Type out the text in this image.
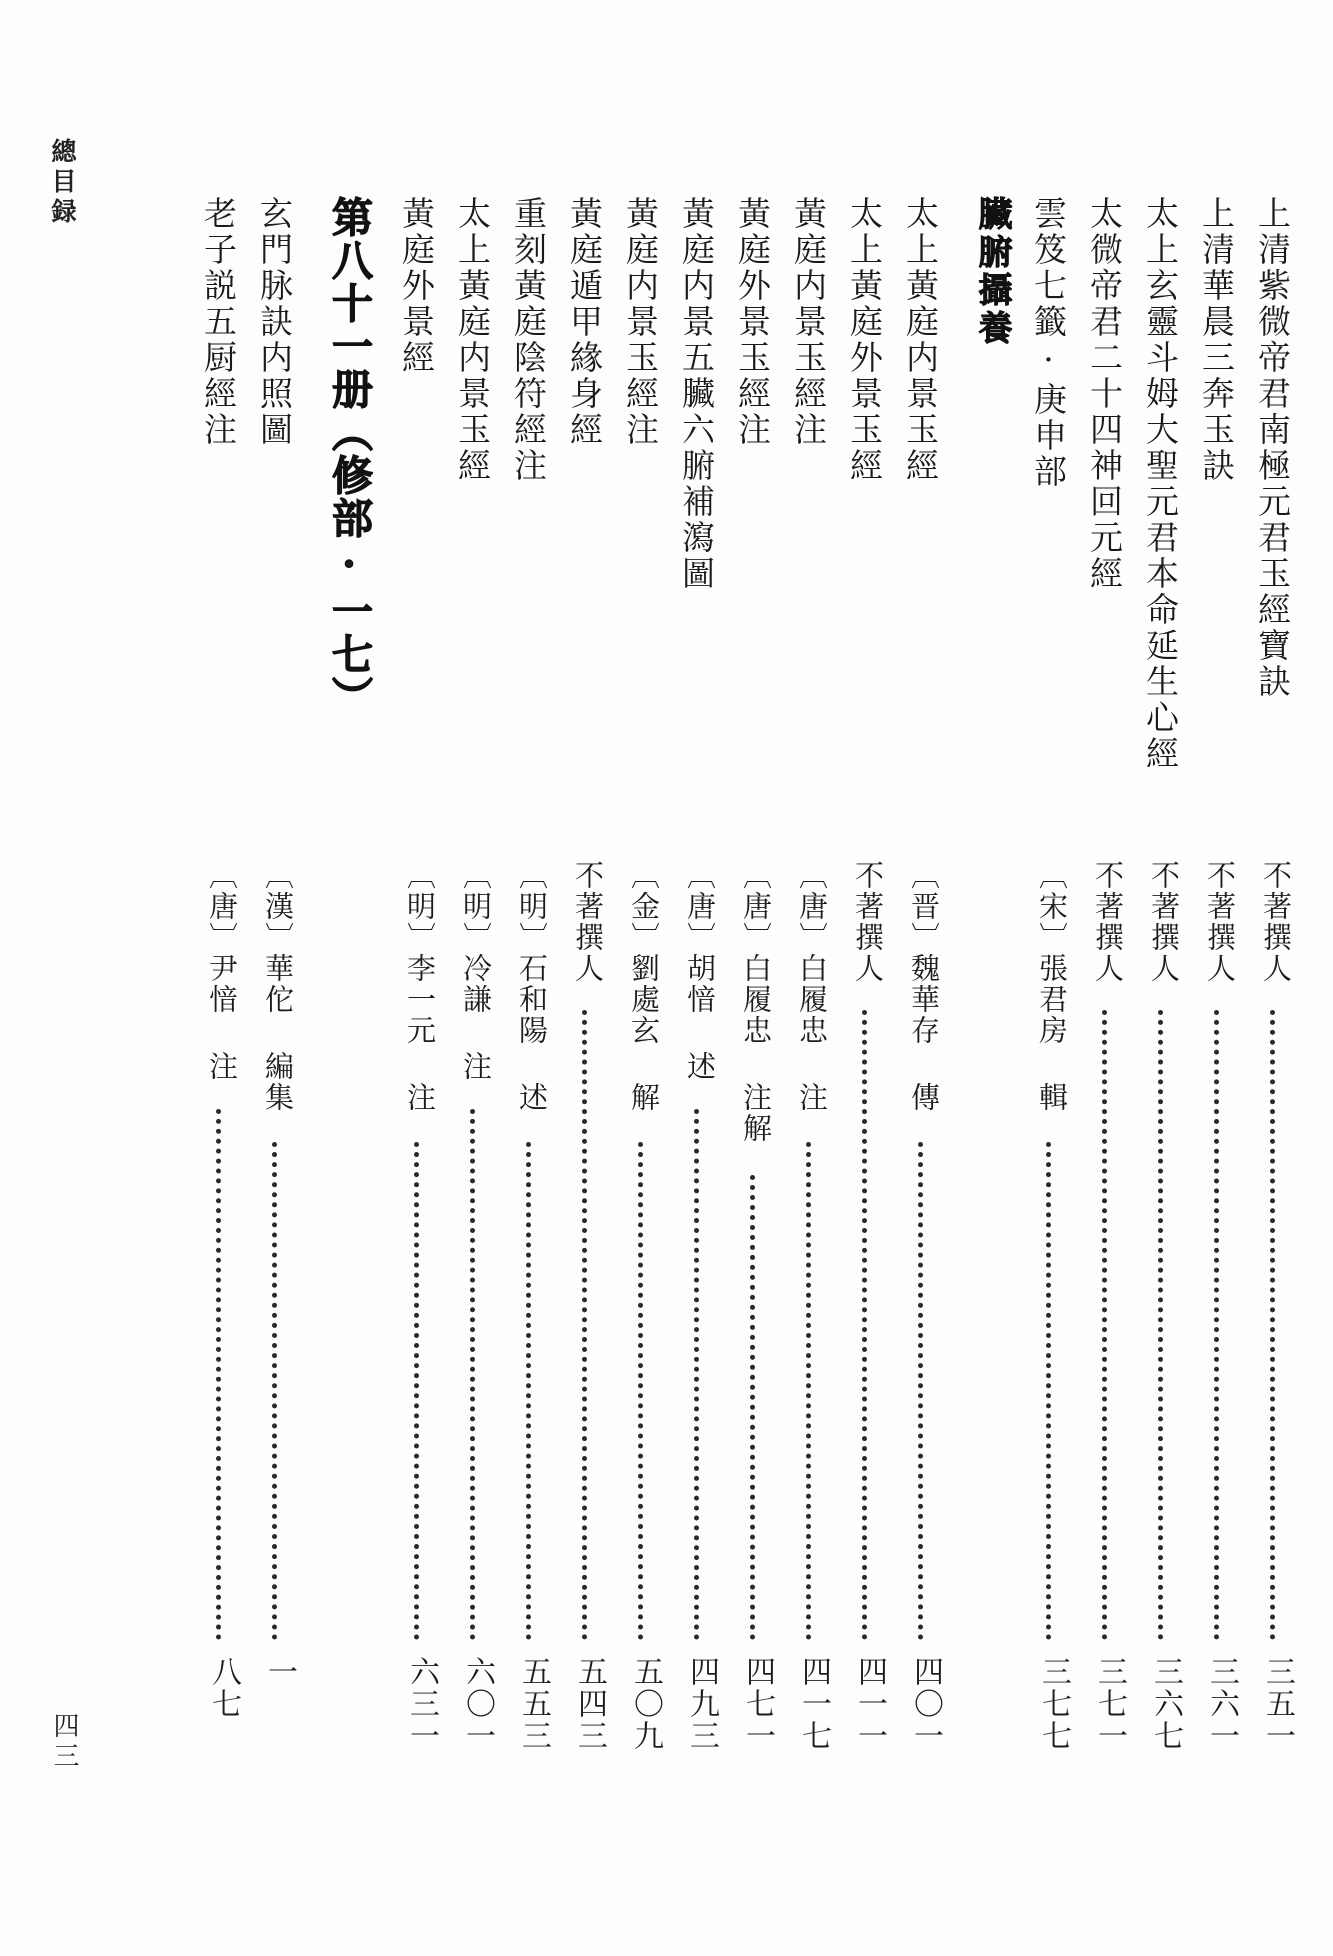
總目録
四三
上清紫微帝君南極元君玉經寶訣
不著撰人
三五一
上清華晨三奔玉訣
不著撰人
三六一
太上玄靈斗姆大聖元君本命延生心經
不著撰人
三六七
太微帝君二十四神回元經
不著撰人
三七一
雲笈七籤·庚申部
〔宋〕張君房 輯
三七七
臟腑攝養
太上黃庭内景玉經
〔晋〕魏華存 傳
四〇一
太上黃庭外景玉經
不著撰人
四一一
黃庭内景玉經注
〔唐〕白履忠 注
四一七
黃庭外景玉經注
〔唐〕白履忠 注解
四七一
黃庭内景五臟六腑補瀉圖
〔唐〕胡愔 述
四九三
黃庭内景玉經注
〔金〕劉處玄 解
五〇九
黃庭遁甲緣身經
不著撰人
五四三
重刻黃庭陰符經注
〔明〕石和陽 述
五五三
太上黃庭内景玉經
〔明〕冷謙 注
六〇一
黃庭外景經
〔明〕李一元 注
六三一
第八十一册（修部·一七）
玄門脉訣内照圖
〔漢〕華佗 編集
一
老子説五厨經注
〔唐〕尹愔 注
八七
